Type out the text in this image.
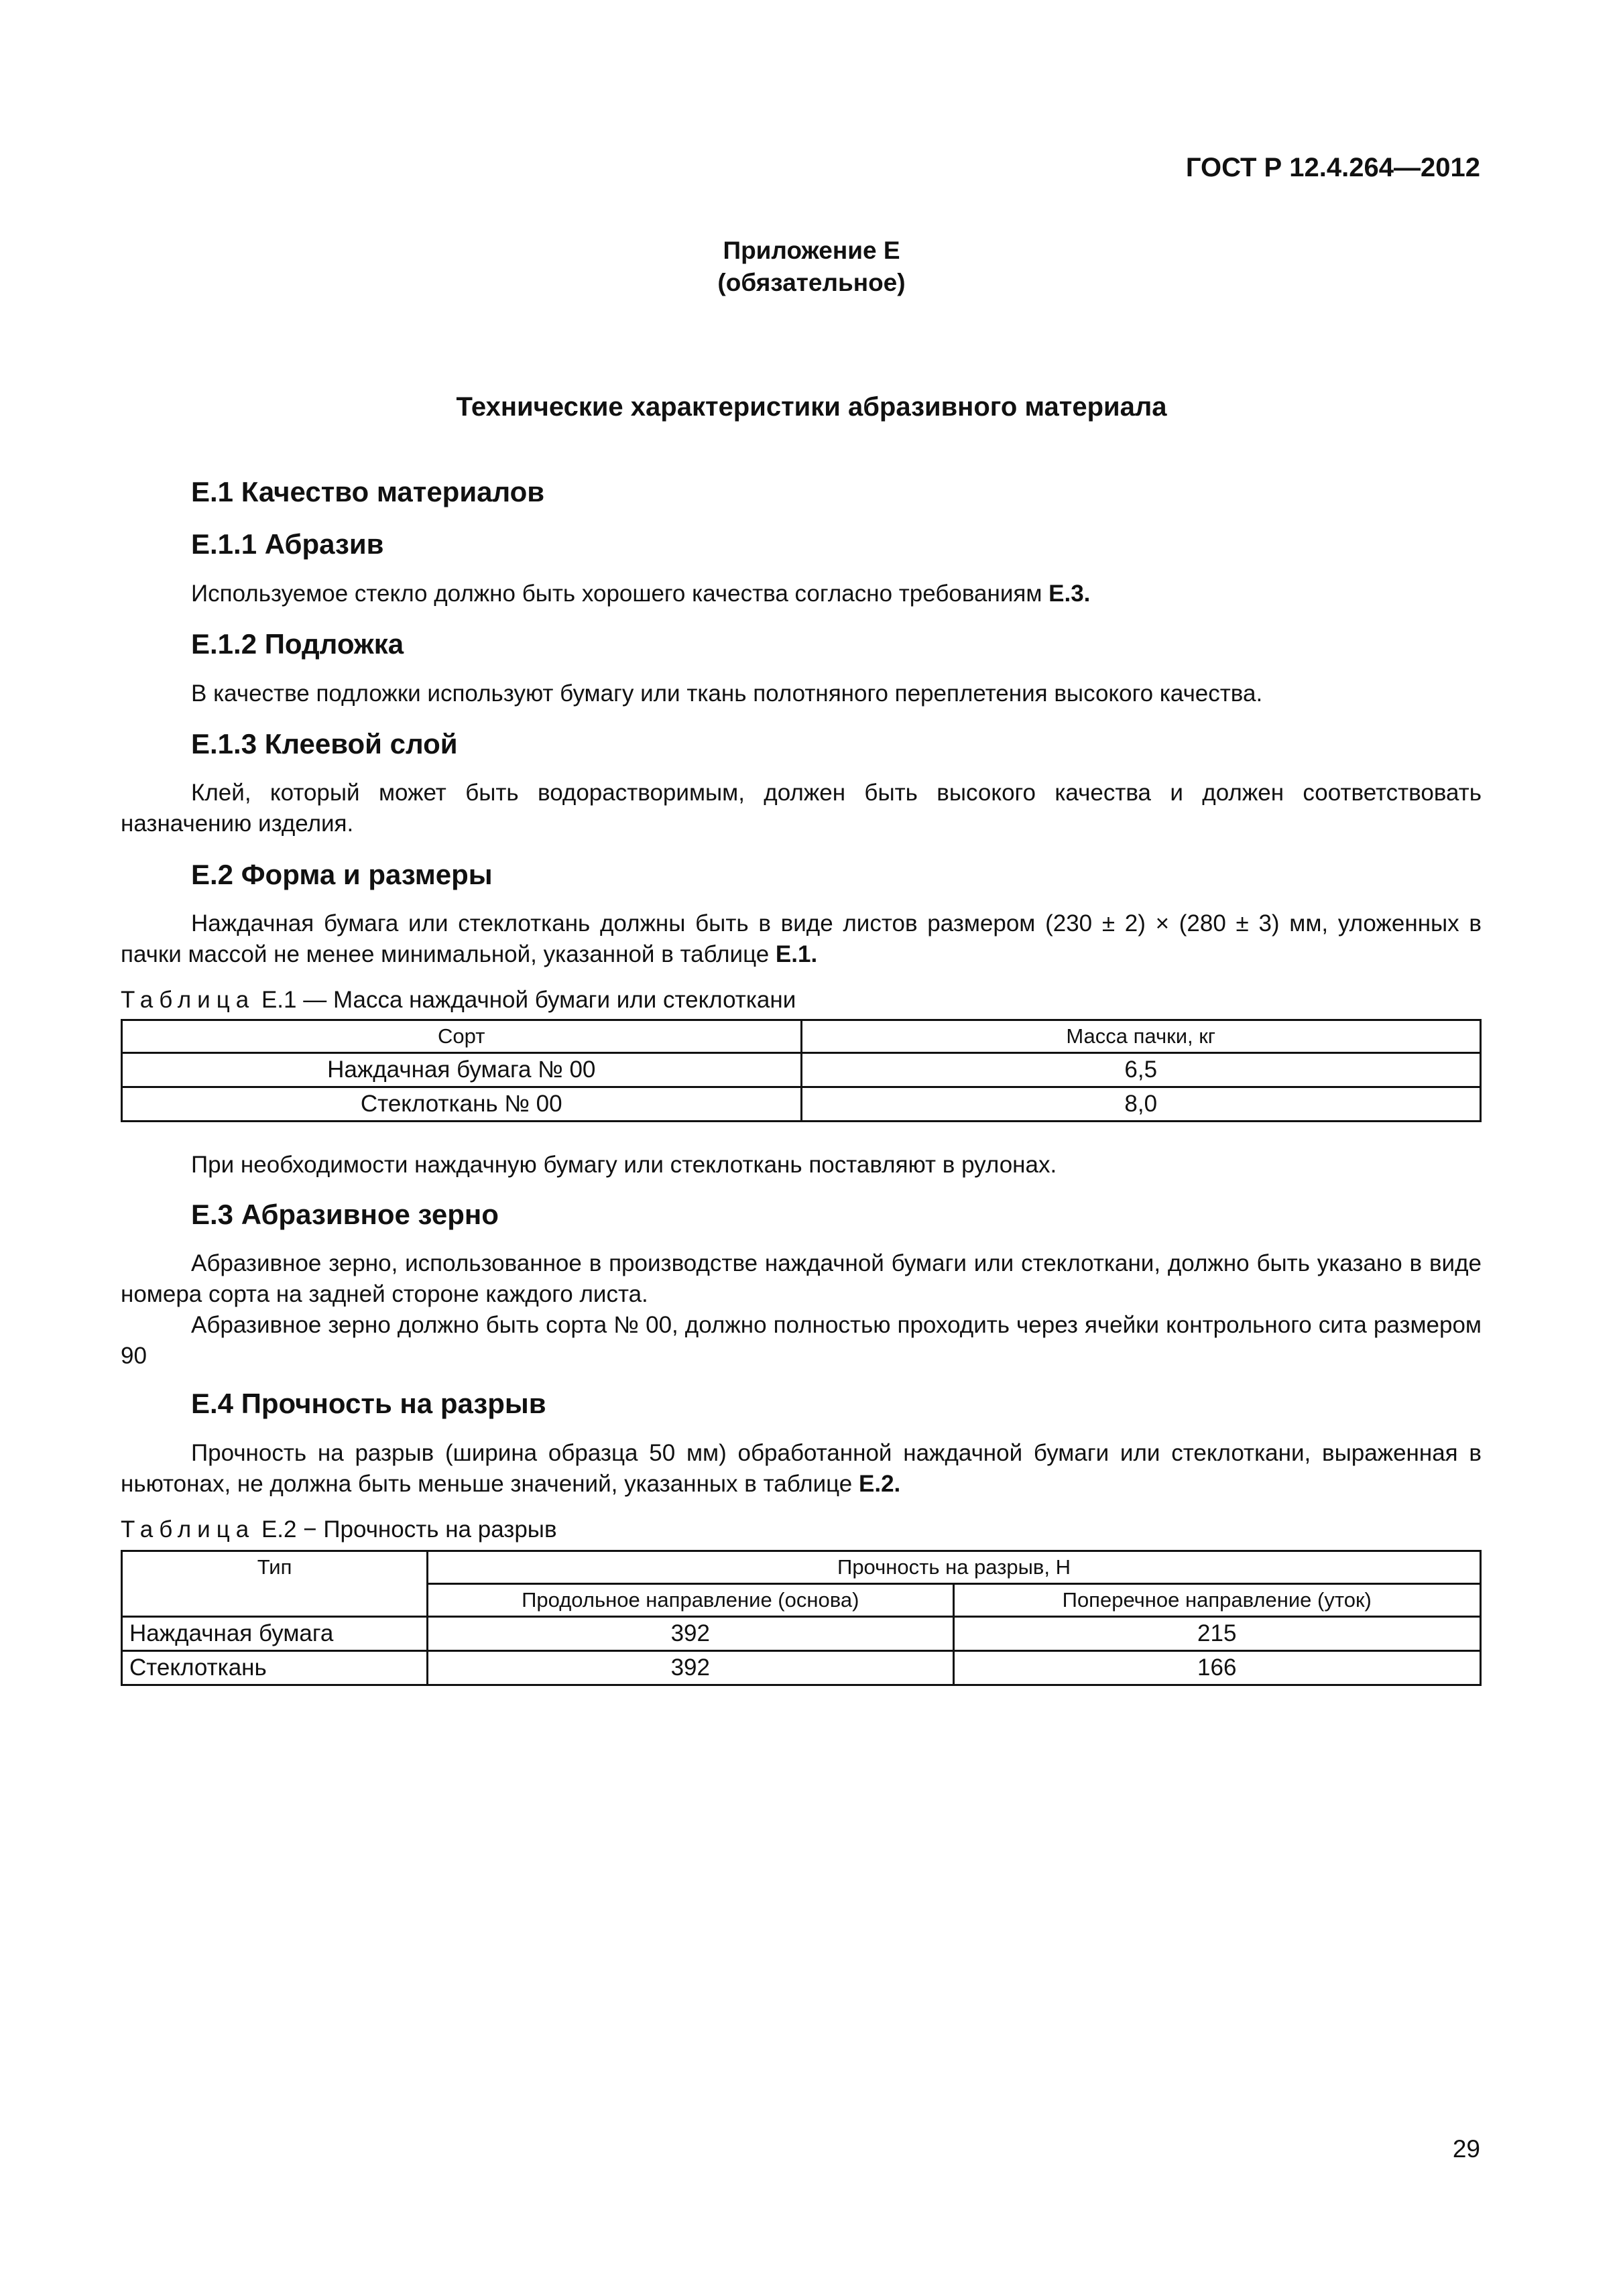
ГОСТ Р 12.4.264—2012
Приложение Е
(обязательное)
Технические характеристики абразивного материала
Е.1 Качество материалов
Е.1.1 Абразив
Используемое стекло должно быть хорошего качества согласно требованиям Е.3.
Е.1.2 Подложка
В качестве подложки используют бумагу или ткань полотняного переплетения высокого качества.
Е.1.3 Клеевой слой
Клей, который может быть водорастворимым, должен быть высокого качества и должен соответствовать назначению изделия.
Е.2 Форма и размеры
Наждачная бумага или стеклоткань должны быть в виде листов размером (230 ± 2) × (280 ± 3) мм, уложенных в пачки массой не менее минимальной, указанной в таблице Е.1.
Таблица Е.1 — Масса наждачной бумаги или стеклоткани
Сорт	Масса пачки, кг
Наждачная бумага № 00	6,5
Стеклоткань № 00	8,0
При необходимости наждачную бумагу или стеклоткань поставляют в рулонах.
Е.3 Абразивное зерно
Абразивное зерно, использованное в производстве наждачной бумаги или стеклоткани, должно быть указано в виде номера сорта на задней стороне каждого листа.
Абразивное зерно должно быть сорта № 00, должно полностью проходить через ячейки контрольного сита размером 90
Е.4 Прочность на разрыв
Прочность на разрыв (ширина образца 50 мм) обработанной наждачной бумаги или стеклоткани, выраженная в ньютонах, не должна быть меньше значений, указанных в таблице Е.2.
Таблица Е.2 − Прочность на разрыв
Тип	Прочность на разрыв, Н	
	Продольное направление (основа)	Поперечное направление (уток)
Наждачная бумага	392	215
Стеклоткань	392	166
29
